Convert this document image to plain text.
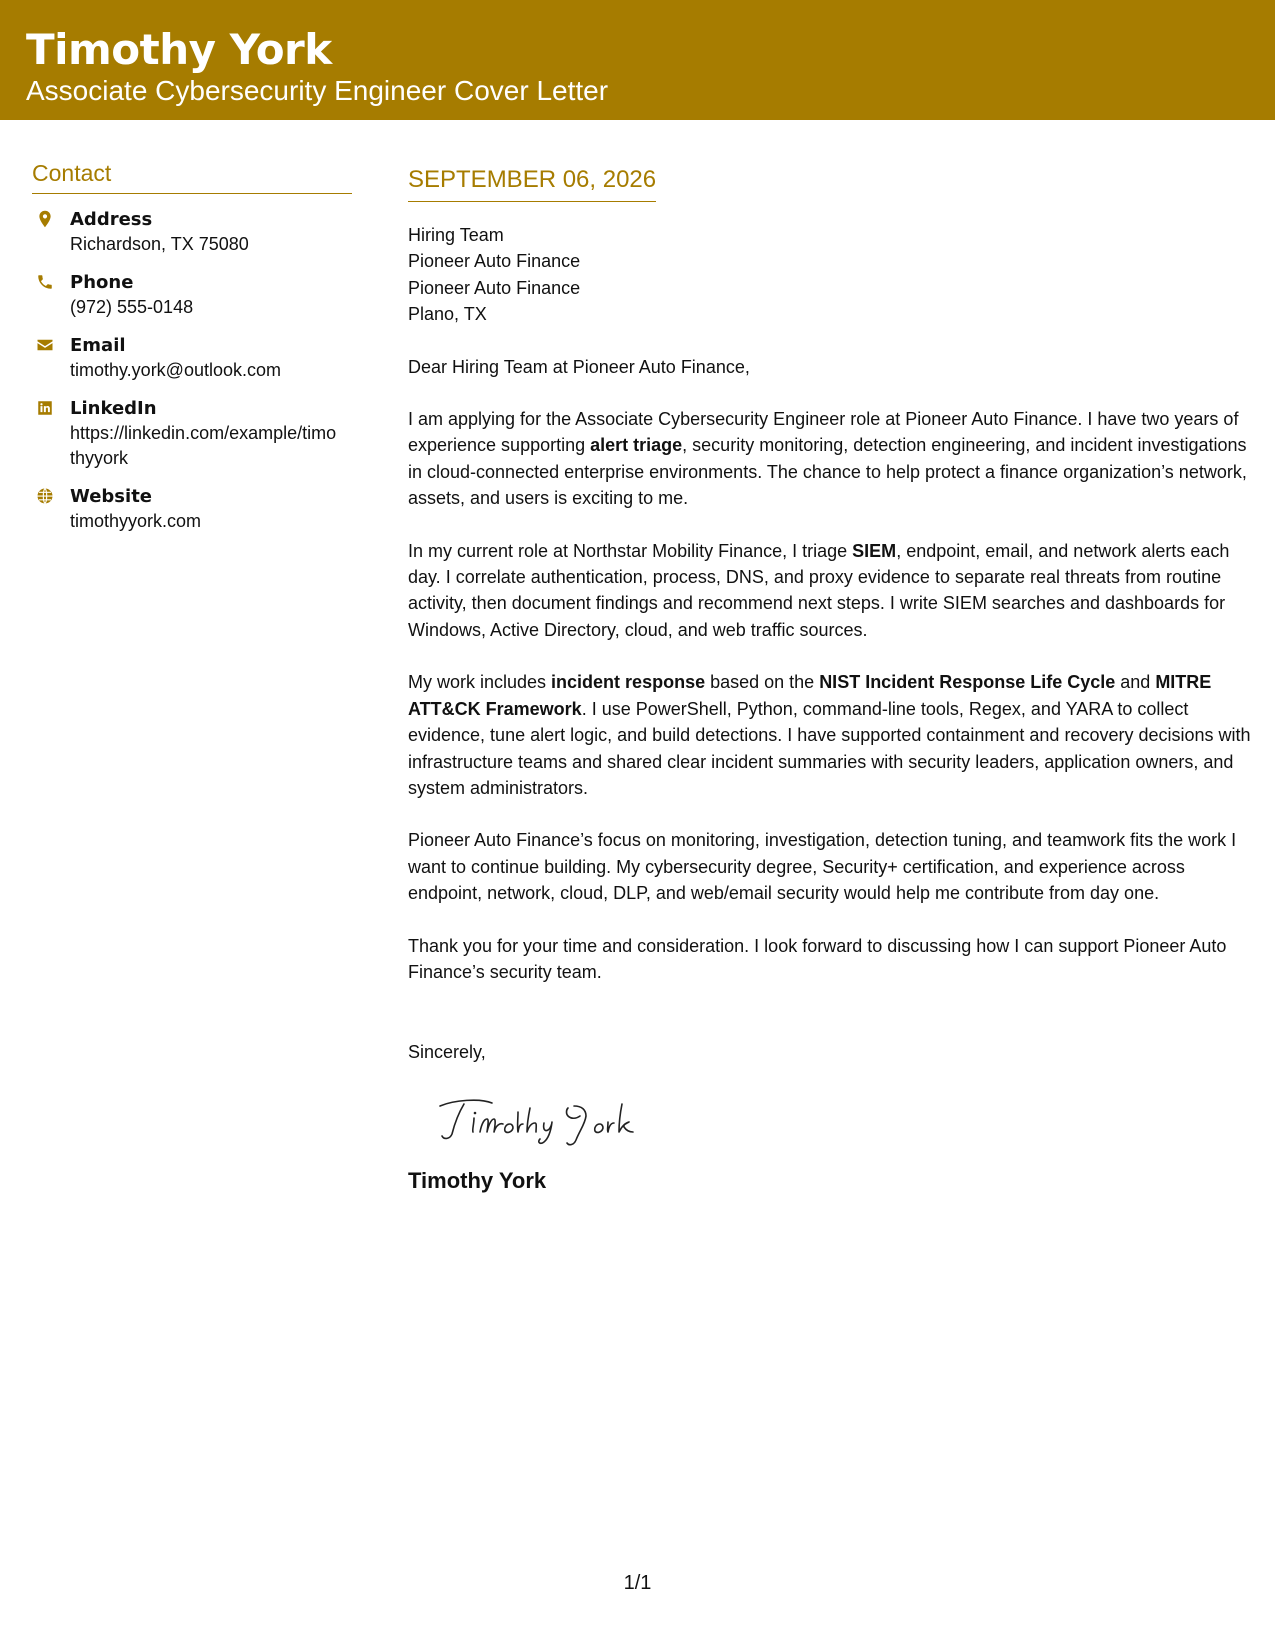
Timothy York
Associate Cybersecurity Engineer Cover Letter
Contact
Address
Richardson, TX 75080
Phone
(972) 555-0148
Email
timothy.york@outlook.com
LinkedIn
https://linkedin.com/example/timothyyork
Website
timothyyork.com
SEPTEMBER 06, 2026
Hiring Team
Pioneer Auto Finance
Pioneer Auto Finance
Plano, TX
Dear Hiring Team at Pioneer Auto Finance,

I am applying for the Associate Cybersecurity Engineer role at Pioneer Auto Finance. I have two years of experience supporting alert triage, security monitoring, detection engineering, and incident investigations in cloud-connected enterprise environments. The chance to help protect a finance organization’s network, assets, and users is exciting to me.

In my current role at Northstar Mobility Finance, I triage SIEM, endpoint, email, and network alerts each day. I correlate authentication, process, DNS, and proxy evidence to separate real threats from routine activity, then document findings and recommend next steps. I write SIEM searches and dashboards for Windows, Active Directory, cloud, and web traffic sources.

My work includes incident response based on the NIST Incident Response Life Cycle and MITRE ATT&CK Framework. I use PowerShell, Python, command-line tools, Regex, and YARA to collect evidence, tune alert logic, and build detections. I have supported containment and recovery decisions with infrastructure teams and shared clear incident summaries with security leaders, application owners, and system administrators.

Pioneer Auto Finance’s focus on monitoring, investigation, detection tuning, and teamwork fits the work I want to continue building. My cybersecurity degree, Security+ certification, and experience across endpoint, network, cloud, DLP, and web/email security would help me contribute from day one.

Thank you for your time and consideration. I look forward to discussing how I can support Pioneer Auto Finance’s security team.

Sincerely,
Timothy York
1/1
